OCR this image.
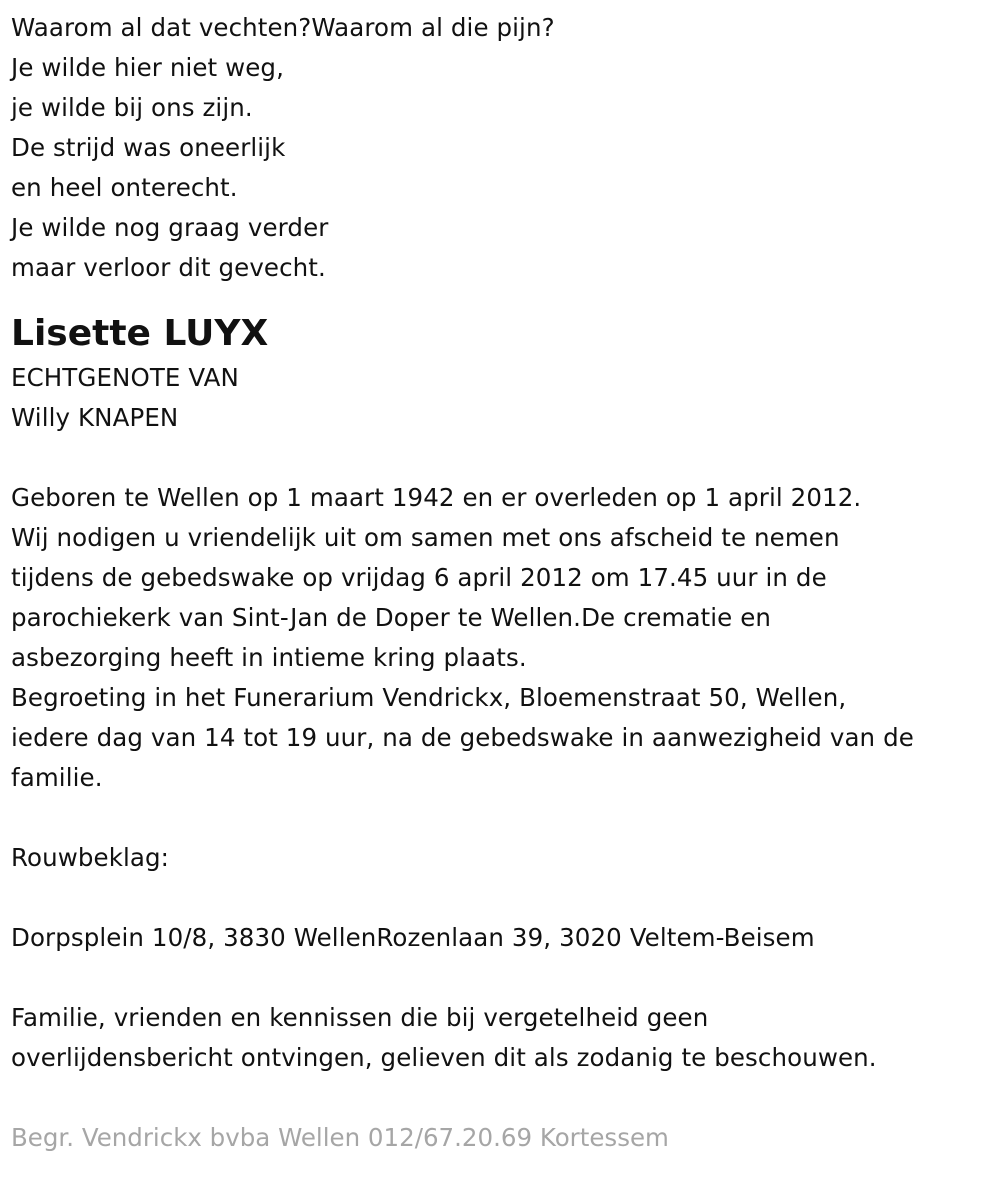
Waarom al dat vechten?Waarom al die pijn?
Je wilde hier niet weg,
je wilde bij ons zijn.
De strijd was oneerlijk
en heel onterecht.
Je wilde nog graag verder
maar verloor dit gevecht.
Lisette LUYX
ECHTGENOTE VAN
Willy KNAPEN
Geboren te Wellen op 1 maart 1942 en er overleden op 1 april 2012.
Wij nodigen u vriendelijk uit om samen met ons afscheid te nemen
tijdens de gebedswake op vrijdag 6 april 2012 om 17.45 uur in de
parochiekerk van Sint-Jan de Doper te Wellen.De crematie en
asbezorging heeft in intieme kring plaats.
Begroeting in het Funerarium Vendrickx, Bloemenstraat 50, Wellen,
iedere dag van 14 tot 19 uur, na de gebedswake in aanwezigheid van de
familie.
Rouwbeklag:
Dorpsplein 10/8, 3830 WellenRozenlaan 39, 3020 Veltem-Beisem
Familie, vrienden en kennissen die bij vergetelheid geen
overlijdensbericht ontvingen, gelieven dit als zodanig te beschouwen.
Begr. Vendrickx bvba Wellen 012/67.20.69 Kortessem
